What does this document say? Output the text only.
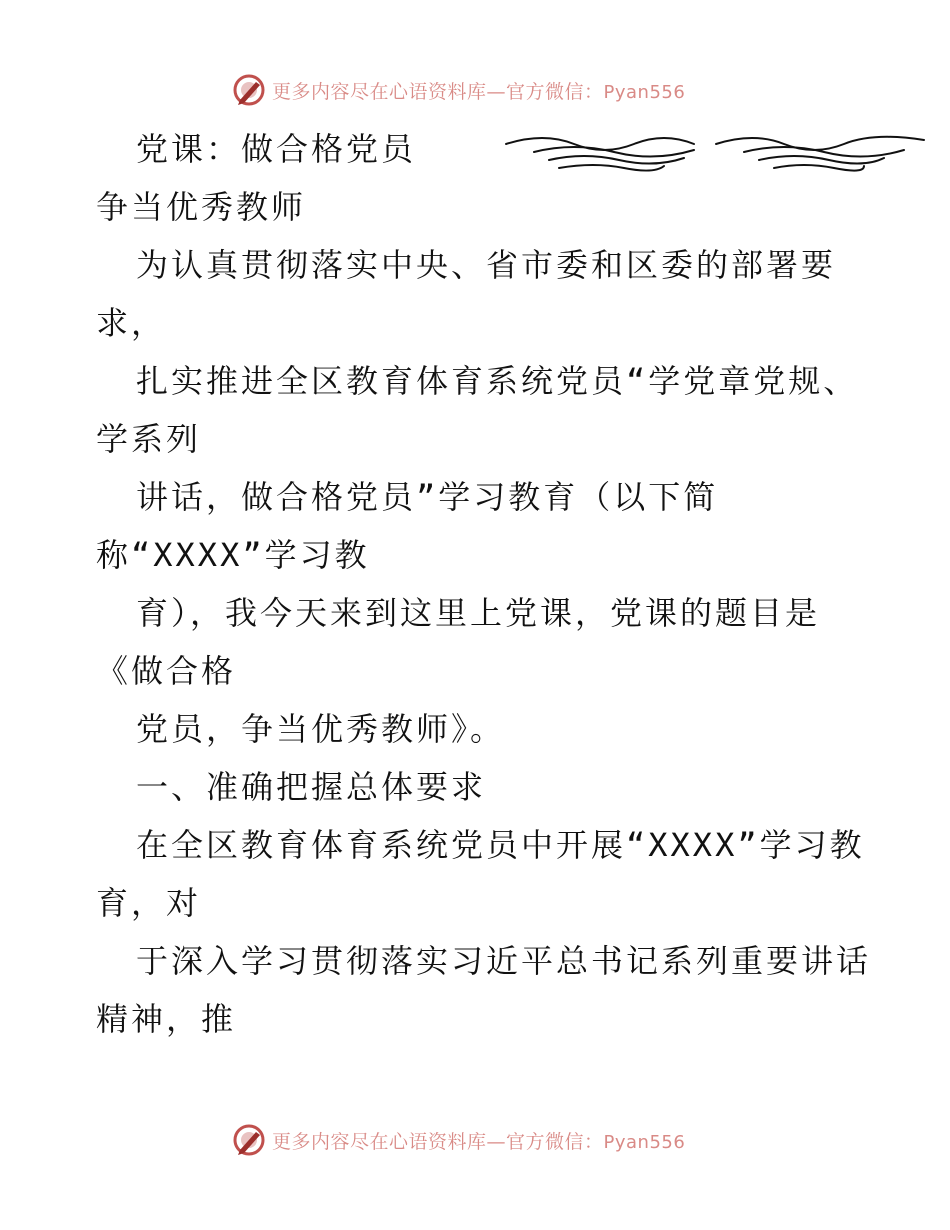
更多内容尽在心语资料库—官方微信：Pyan556
党课：做合格党员
争当优秀教师
为认真贯彻落实中央、省市委和区委的部署要
求，
扎实推进全区教育体育系统党员“学党章党规、
学系列
讲话，做合格党员”学习教育（以下简
称“XXXX”学习教
育），我今天来到这里上党课，党课的题目是
《做合格
党员，争当优秀教师》。
一、准确把握总体要求
在全区教育体育系统党员中开展“XXXX”学习教
育，对
于深入学习贯彻落实习近平总书记系列重要讲话
精神，推
更多内容尽在心语资料库—官方微信：Pyan556
